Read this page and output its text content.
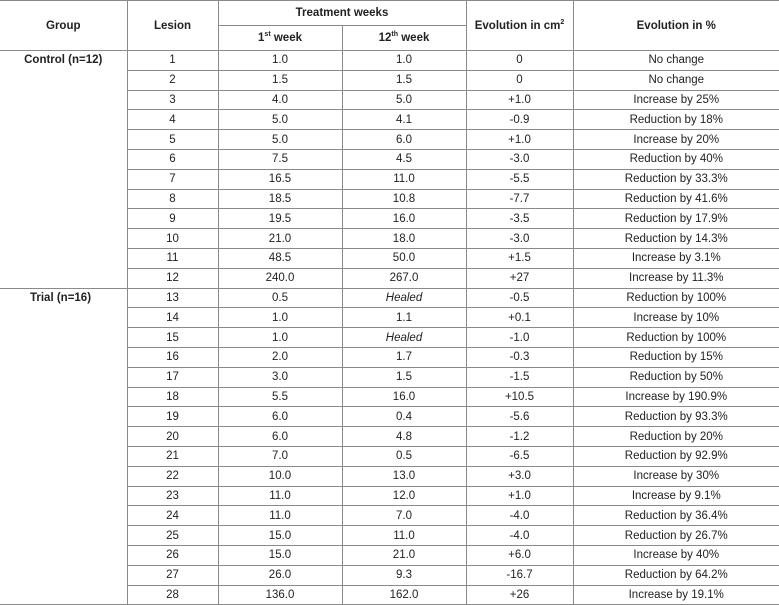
Group	Lesion	Treatment weeks		Evolution in $cm^2$	Evolution in %
		1st week	12th week		
Control (n=12)	1	1.0	1.0	0	No change
	2	1.5	1.5	0	No change
	3	4.0	5.0	+1.0	Increase by 25%
	4	5.0	4.1	-0.9	Reduction by 18%
	5	5.0	6.0	+1.0	Increase by 20%
	6	7.5	4.5	-3.0	Reduction by 40%
	7	16.5	11.0	-5.5	Reduction by 33.3%
	8	18.5	10.8	-7.7	Reduction by 41.6%
	9	19.5	16.0	-3.5	Reduction by 17.9%
	10	21.0	18.0	-3.0	Reduction by 14.3%
	11	48.5	50.0	+1.5	Increase by 3.1%
	12	240.0	267.0	+27	Increase by 11.3%
Trial (n=16)	13	0.5	Healed	-0.5	Reduction by 100%
	14	1.0	1.1	+0.1	Increase by 10%
	15	1.0	Healed	-1.0	Reduction by 100%
	16	2.0	1.7	-0.3	Reduction by 15%
	17	3.0	1.5	-1.5	Reduction by 50%
	18	5.5	16.0	+10.5	Increase by 190.9%
	19	6.0	0.4	-5.6	Reduction by 93.3%
	20	6.0	4.8	-1.2	Reduction by 20%
	21	7.0	0.5	-6.5	Reduction by 92.9%
	22	10.0	13.0	+3.0	Increase by 30%
	23	11.0	12.0	+1.0	Increase by 9.1%
	24	11.0	7.0	-4.0	Reduction by 36.4%
	25	15.0	11.0	-4.0	Reduction by 26.7%
	26	15.0	21.0	+6.0	Increase by 40%
	27	26.0	9.3	-16.7	Reduction by 64.2%
	28	136.0	162.0	+26	Increase by 19.1%
